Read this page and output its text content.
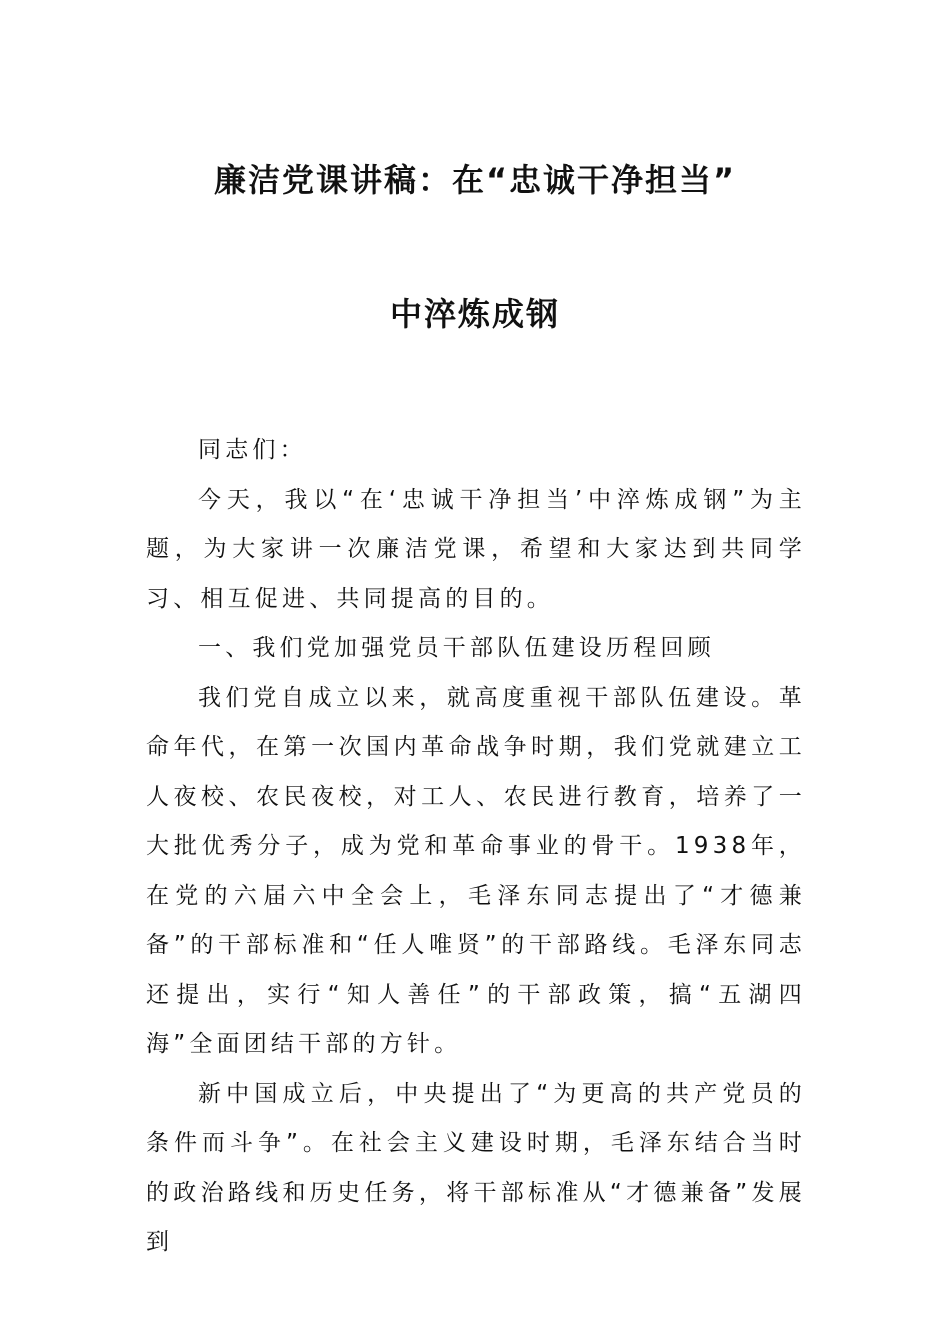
廉洁党课讲稿：在“忠诚干净担当”
中淬炼成钢

同志们：

今天，我以“在‘忠诚干净担当’中淬炼成钢”为主题，为大家讲一次廉洁党课，希望和大家达到共同学习、相互促进、共同提高的目的。

一、我们党加强党员干部队伍建设历程回顾

我们党自成立以来，就高度重视干部队伍建设。革命年代，在第一次国内革命战争时期，我们党就建立工人夜校、农民夜校，对工人、农民进行教育，培养了一大批优秀分子，成为党和革命事业的骨干。1938年，在党的六届六中全会上，毛泽东同志提出了“才德兼备”的干部标准和“任人唯贤”的干部路线。毛泽东同志还提出，实行“知人善任”的干部政策，搞“五湖四海”全面团结干部的方针。

新中国成立后，中央提出了“为更高的共产党员的条件而斗争”。在社会主义建设时期，毛泽东结合当时的政治路线和历史任务，将干部标准从“才德兼备”发展到
